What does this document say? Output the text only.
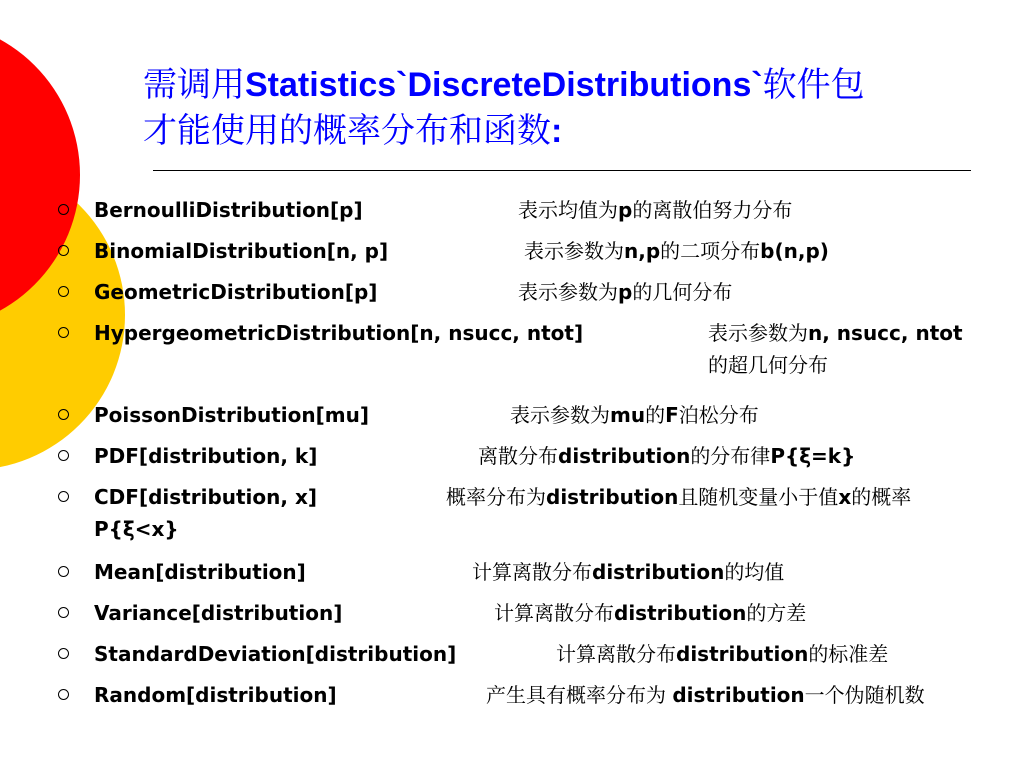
需调用Statistics`DiscreteDistributions`软件包
才能使用的概率分布和函数:
BernoulliDistribution[p]	表示均值为p的离散伯努力分布
BinomialDistribution[n, p]	表示参数为n,p的二项分布b(n,p)
GeometricDistribution[p]	表示参数为p的几何分布
HypergeometricDistribution[n, nsucc, ntot]	表示参数为n, nsucc, ntot
的超几何分布
PoissonDistribution[mu]	表示参数为mu的F泊松分布
PDF[distribution, k]	离散分布distribution的分布律P{ξ=k}
CDF[distribution, x]	概率分布为distribution且随机变量小于值x的概率
P{ξ<x}
Mean[distribution]	计算离散分布distribution的均值
Variance[distribution]	计算离散分布distribution的方差
StandardDeviation[distribution]	计算离散分布distribution的标准差
Random[distribution]	产生具有概率分布为 distribution一个伪随机数
